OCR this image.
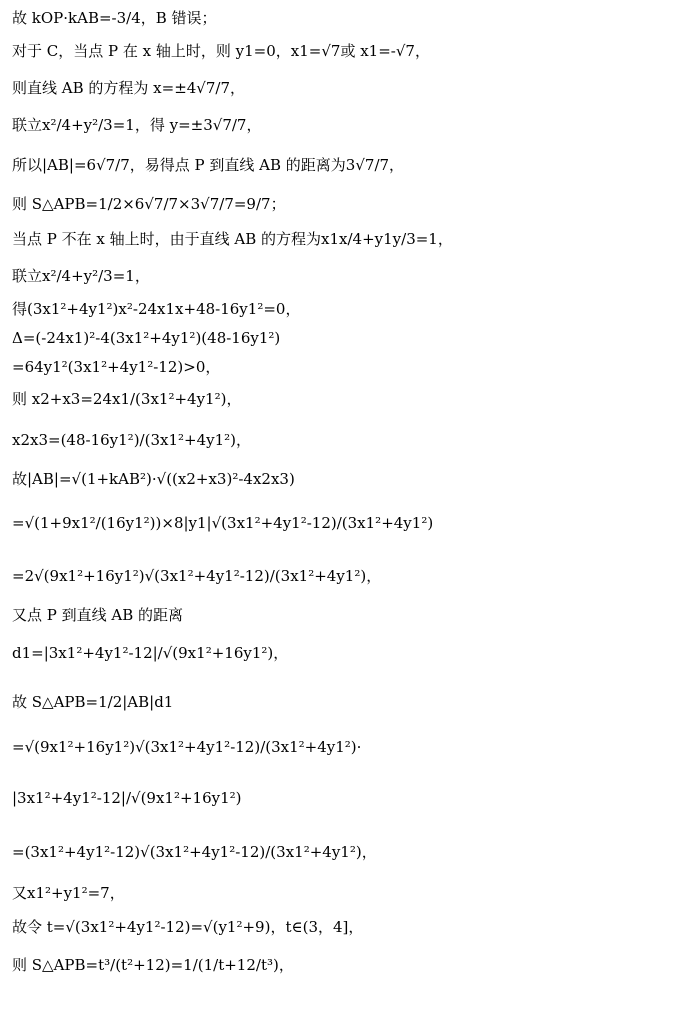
故 kOP·kAB=-3/4，B 错误；
对于 C，当点 P 在 x 轴上时，则 y1=0，x1=√7或 x1=-√7，
则直线 AB 的方程为 x=±4√7/7，
联立x²/4+y²/3=1，得 y=±3√7/7，
所以|AB|=6√7/7，易得点 P 到直线 AB 的距离为3√7/7，
则 S△APB=1/2×6√7/7×3√7/7=9/7；
当点 P 不在 x 轴上时，由于直线 AB 的方程为x1x/4+y1y/3=1，
联立x²/4+y²/3=1，
得(3x1²+4y1²)x²-24x1x+48-16y1²=0，
Δ=(-24x1)²-4(3x1²+4y1²)(48-16y1²)
=64y1²(3x1²+4y1²-12)>0，
则 x2+x3=24x1/(3x1²+4y1²)，
x2x3=(48-16y1²)/(3x1²+4y1²)，
故|AB|=√(1+kAB²)·√((x2+x3)²-4x2x3)
=√(1+9x1²/(16y1²))×8|y1|√(3x1²+4y1²-12)/(3x1²+4y1²)
=2√(9x1²+16y1²)√(3x1²+4y1²-12)/(3x1²+4y1²)，
又点 P 到直线 AB 的距离
d1=|3x1²+4y1²-12|/√(9x1²+16y1²)，
故 S△APB=1/2|AB|d1
=√(9x1²+16y1²)√(3x1²+4y1²-12)/(3x1²+4y1²)·
|3x1²+4y1²-12|/√(9x1²+16y1²)
=(3x1²+4y1²-12)√(3x1²+4y1²-12)/(3x1²+4y1²)，
又x1²+y1²=7，
故令 t=√(3x1²+4y1²-12)=√(y1²+9)，t∈(3，4]，
则 S△APB=t³/(t²+12)=1/(1/t+12/t³)，
